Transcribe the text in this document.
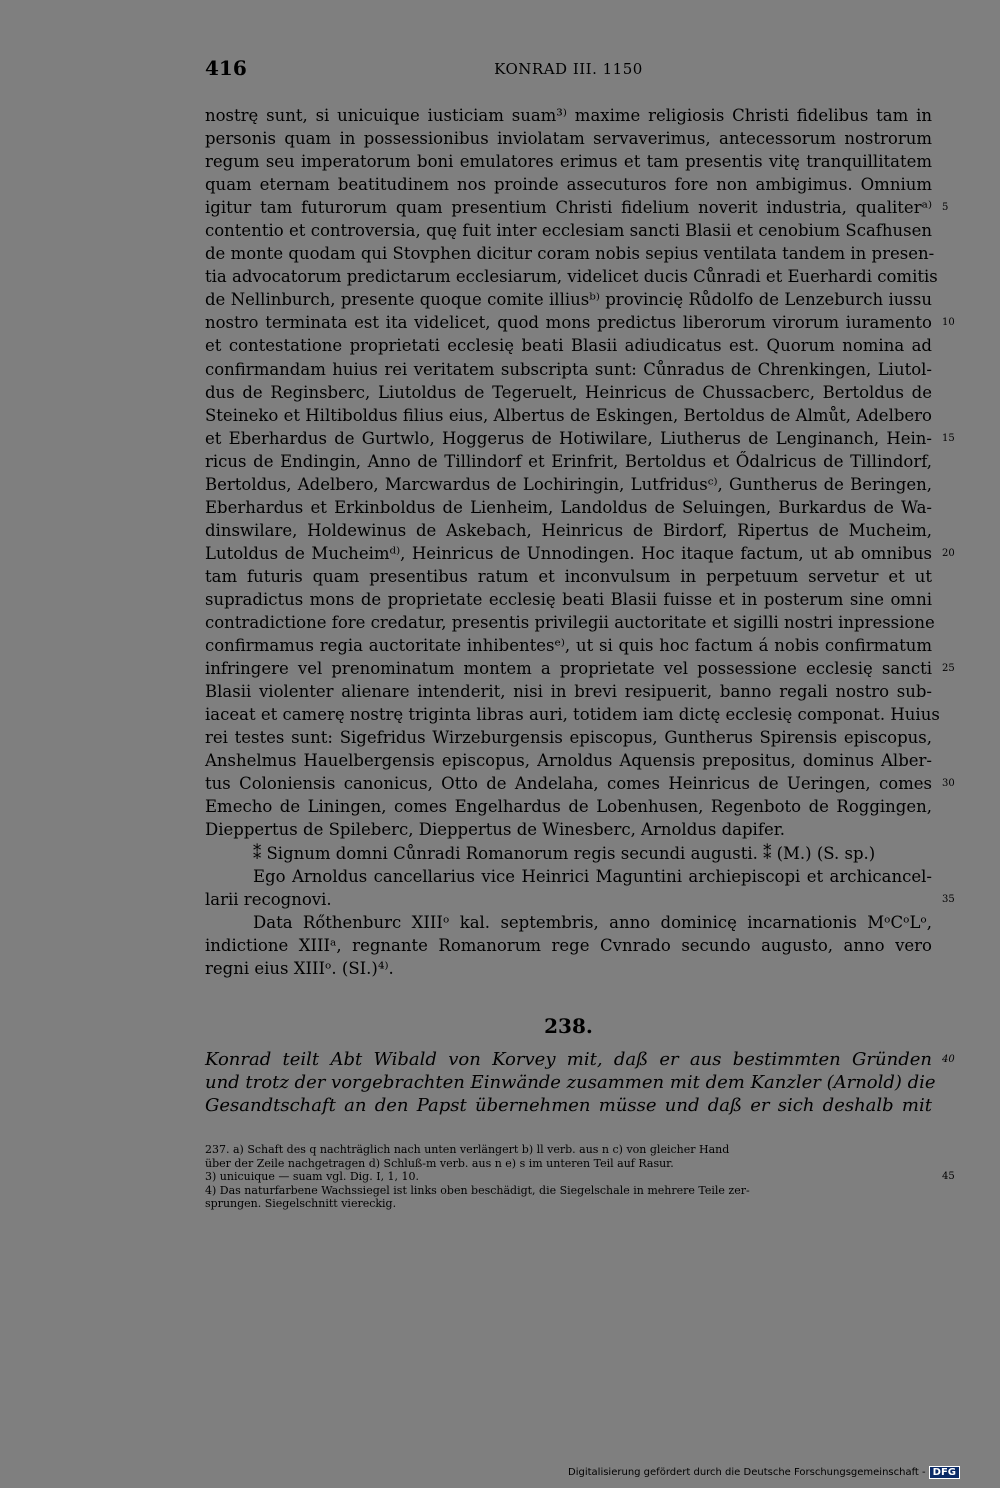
416	KONRAD III. 1150
nostrę sunt, si unicuique iusticiam suam³⁾ maxime religiosis Christi fidelibus tam in
personis quam in possessionibus inviolatam servaverimus, antecessorum nostrorum
regum seu imperatorum boni emulatores erimus et tam presentis vitę tranquillitatem
quam eternam beatitudinem nos proinde assecuturos fore non ambigimus. Omnium
igitur tam futurorum quam presentium Christi fidelium noverit industria, qualiterᵃ⁾ 5
contentio et controversia, quę fuit inter ecclesiam sancti Blasii et cenobium Scafhusen
de monte quodam qui Stovphen dicitur coram nobis sepius ventilata tandem in presen-
tia advocatorum predictarum ecclesiarum, videlicet ducis Cůnradi et Euerhardi comitis
de Nellinburch, presente quoque comite illiusᵇ⁾ provincię Růdolfo de Lenzeburch iussu
nostro terminata est ita videlicet, quod mons predictus liberorum virorum iuramento 10
et contestatione proprietati ecclesię beati Blasii adiudicatus est. Quorum nomina ad
confirmandam huius rei veritatem subscripta sunt: Cůnradus de Chrenkingen, Liutol-
dus de Reginsberc, Liutoldus de Tegeruelt, Heinricus de Chussacberc, Bertoldus de
Steineko et Hiltiboldus filius eius, Albertus de Eskingen, Bertoldus de Almůt, Adelbero
et Eberhardus de Gurtwlo, Hoggerus de Hotiwilare, Liutherus de Lenginanch, Hein- 15
ricus de Endingin, Anno de Tillindorf et Erinfrit, Bertoldus et Ődalricus de Tillindorf,
Bertoldus, Adelbero, Marcwardus de Lochiringin, Lutfridusᶜ⁾, Guntherus de Beringen,
Eberhardus et Erkinboldus de Lienheim, Landoldus de Seluingen, Burkardus de Wa-
dinswilare, Holdewinus de Askebach, Heinricus de Birdorf, Ripertus de Mucheim,
Lutoldus de Mucheimᵈ⁾, Heinricus de Unnodingen. Hoc itaque factum, ut ab omnibus 20
tam futuris quam presentibus ratum et inconvulsum in perpetuum servetur et ut
supradictus mons de proprietate ecclesię beati Blasii fuisse et in posterum sine omni
contradictione fore credatur, presentis privilegii auctoritate et sigilli nostri inpressione
confirmamus regia auctoritate inhibentesᵉ⁾, ut si quis hoc factum á nobis confirmatum
infringere vel prenominatum montem a proprietate vel possessione ecclesię sancti 25
Blasii violenter alienare intenderit, nisi in brevi resipuerit, banno regali nostro sub-
iaceat et camerę nostrę triginta libras auri, totidem iam dictę ecclesię componat. Huius
rei testes sunt: Sigefridus Wirzeburgensis episcopus, Guntherus Spirensis episcopus,
Anshelmus Hauelbergensis episcopus, Arnoldus Aquensis prepositus, dominus Alber-
tus Coloniensis canonicus, Otto de Andelaha, comes Heinricus de Ueringen, comes 30
Emecho de Liningen, comes Engelhardus de Lobenhusen, Regenboto de Roggingen,
Dieppertus de Spileberc, Dieppertus de Winesberc, Arnoldus dapifer.
⁑ Signum domni Cůnradi Romanorum regis secundi augusti. ⁑ (M.) (S. sp.)
Ego Arnoldus cancellarius vice Heinrici Maguntini archiepiscopi et archicancel-
larii recognovi.	35
Data Rőthenburc XIIIᵒ kal. septembris, anno dominicę incarnationis MᵒCᵒLᵒ,
indictione XIIIᵃ, regnante Romanorum rege Cvnrado secundo augusto, anno vero
regni eius XIIIᵒ. (SI.)⁴⁾.
238.
Konrad teilt Abt Wibald von Korvey mit, daß er aus bestimmten Gründen 40
und trotz der vorgebrachten Einwände zusammen mit dem Kanzler (Arnold) die
Gesandtschaft an den Papst übernehmen müsse und daß er sich deshalb mit
237. a) Schaft des q nachträglich nach unten verlängert b) ll verb. aus n c) von gleicher Hand
über der Zeile nachgetragen d) Schluß-m verb. aus n e) s im unteren Teil auf Rasur.
3) unicuique — suam vgl. Dig. I, 1, 10.	45
4) Das naturfarbene Wachssiegel ist links oben beschädigt, die Siegelschale in mehrere Teile zer-
sprungen. Siegelschnitt viereckig.
Digitalisierung gefördert durch die Deutsche Forschungsgemeinschaft - DFG
